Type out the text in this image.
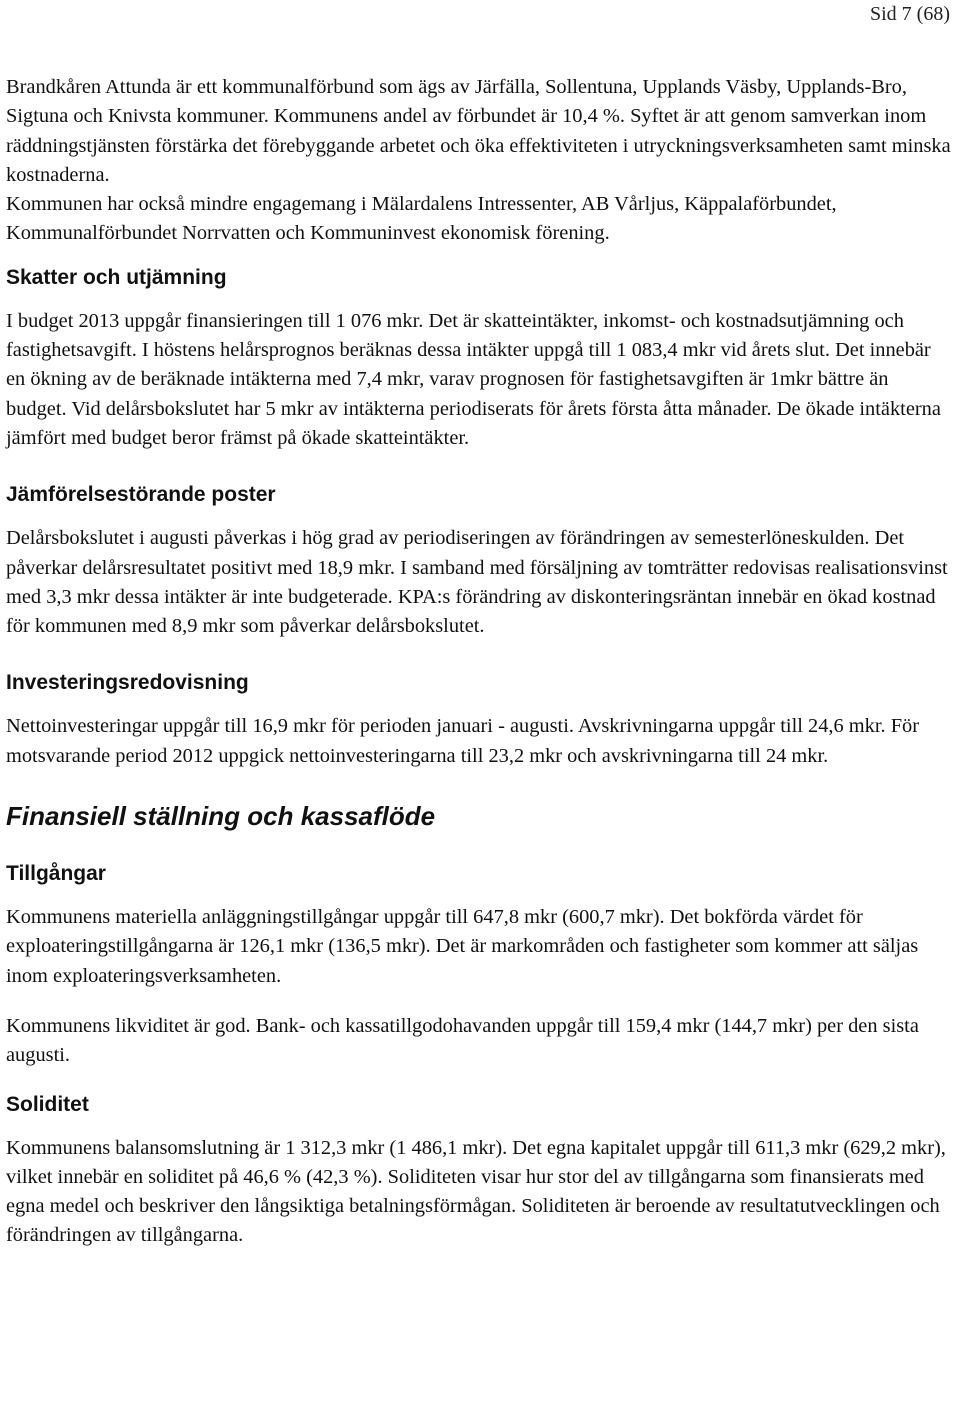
Sid 7 (68)

Brandkåren Attunda är ett kommunalförbund som ägs av Järfälla, Sollentuna, Upplands Väsby, Upplands-Bro, Sigtuna och Knivsta kommuner. Kommunens andel av förbundet är 10,4 %. Syftet är att genom samverkan inom räddningstjänsten förstärka det förebyggande arbetet och öka effektiviteten i utryckningsverksamheten samt minska kostnaderna.

Kommunen har också mindre engagemang i Mälardalens Intressenter, AB Vårljus, Käppalaförbundet, Kommunalförbundet Norrvatten och Kommuninvest ekonomisk förening.

Skatter och utjämning

I budget 2013 uppgår finansieringen till 1 076 mkr. Det är skatteintäkter, inkomst- och kostnadsutjämning och fastighetsavgift. I höstens helårsprognos beräknas dessa intäkter uppgå till 1 083,4 mkr vid årets slut. Det innebär en ökning av de beräknade intäkterna med 7,4 mkr, varav prognosen för fastighetsavgiften är 1mkr bättre än budget. Vid delårsbokslutet har 5 mkr av intäkterna periodiserats för årets första åtta månader. De ökade intäkterna jämfört med budget beror främst på ökade skatteintäkter.

Jämförelsestörande poster

Delårsbokslutet i augusti påverkas i hög grad av periodiseringen av förändringen av semesterlöneskulden. Det påverkar delårsresultatet positivt med 18,9 mkr. I samband med försäljning av tomträtter redovisas realisationsvinst med 3,3 mkr dessa intäkter är inte budgeterade. KPA:s förändring av diskonteringsräntan innebär en ökad kostnad för kommunen med 8,9 mkr som påverkar delårsbokslutet.

Investeringsredovisning

Nettoinvesteringar uppgår till 16,9 mkr för perioden januari - augusti. Avskrivningarna uppgår till 24,6 mkr. För motsvarande period 2012 uppgick nettoinvesteringarna till 23,2 mkr och avskrivningarna till 24 mkr.

Finansiell ställning och kassaflöde
Tillgångar

Kommunens materiella anläggningstillgångar uppgår till 647,8 mkr (600,7 mkr). Det bokförda värdet för exploateringstillgångarna är 126,1 mkr (136,5 mkr). Det är markområden och fastigheter som kommer att säljas inom exploateringsverksamheten.

Kommunens likviditet är god. Bank- och kassatillgodohavanden uppgår till 159,4 mkr (144,7 mkr) per den sista augusti.

Soliditet

Kommunens balansomslutning är 1 312,3 mkr (1 486,1 mkr). Det egna kapitalet uppgår till 611,3 mkr (629,2 mkr), vilket innebär en soliditet på 46,6 % (42,3 %). Soliditeten visar hur stor del av tillgångarna som finansierats med egna medel och beskriver den långsiktiga betalningsförmågan. Soliditeten är beroende av resultatutvecklingen och förändringen av tillgångarna.
